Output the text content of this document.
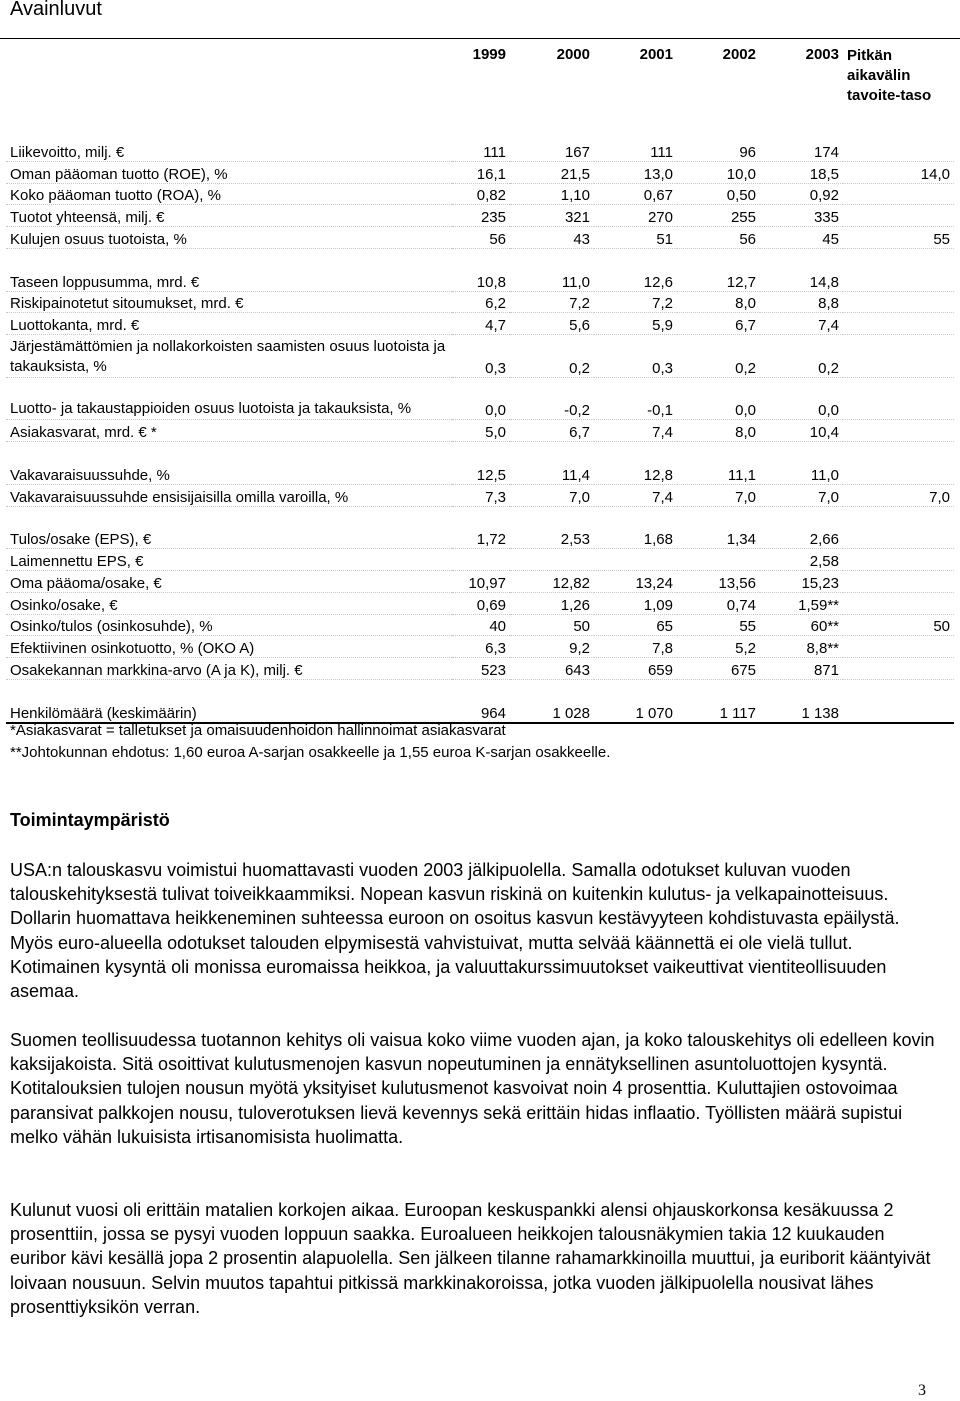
Avainluvut
	1999	2000	2001	2002	2003	Pitkän aikavälin tavoite-taso
Liikevoitto, milj. €	111	167	111	96	174	
Oman pääoman tuotto (ROE), %	16,1	21,5	13,0	10,0	18,5	14,0
Koko pääoman tuotto (ROA), %	0,82	1,10	0,67	0,50	0,92	
Tuotot yhteensä, milj. €	235	321	270	255	335	
Kulujen osuus tuotoista, %	56	43	51	56	45	55

Taseen loppusumma, mrd. €	10,8	11,0	12,6	12,7	14,8	
Riskipainotetut sitoumukset, mrd. €	6,2	7,2	7,2	8,0	8,8	
Luottokanta, mrd. €	4,7	5,6	5,9	6,7	7,4	
Järjestämättömien ja nollakorkoisten saamisten osuus luotoista ja takauksista, %	0,3	0,2	0,3	0,2	0,2	
Luotto- ja takaustappioiden osuus luotoista ja takauksista, %	0,0	-0,2	-0,1	0,0	0,0	
Asiakasvarat, mrd. € *	5,0	6,7	7,4	8,0	10,4	

Vakavaraisuussuhde, %	12,5	11,4	12,8	11,1	11,0	
Vakavaraisuussuhde ensisijaisilla omilla varoilla, %	7,3	7,0	7,4	7,0	7,0	7,0

Tulos/osake (EPS), €	1,72	2,53	1,68	1,34	2,66	
Laimennettu EPS, €					2,58	
Oma pääoma/osake, €	10,97	12,82	13,24	13,56	15,23	
Osinko/osake, €	0,69	1,26	1,09	0,74	1,59**	
Osinko/tulos (osinkosuhde), %	40	50	65	55	60**	50
Efektiivinen osinkotuotto, % (OKO A)	6,3	9,2	7,8	5,2	8,8**	
Osakekannan markkina-arvo (A ja K), milj. €	523	643	659	675	871	

Henkilömäärä (keskimäärin)	964	1 028	1 070	1 117	1 138	
*Asiakasvarat = talletukset ja omaisuudenhoidon hallinnoimat asiakasvarat
**Johtokunnan ehdotus: 1,60 euroa A-sarjan osakkeelle ja 1,55 euroa K-sarjan osakkeelle.
Toimintaympäristö
USA:n talouskasvu voimistui huomattavasti vuoden 2003 jälkipuolella. Samalla odotukset kuluvan vuoden talouskehityksestä tulivat toiveikkaammiksi. Nopean kasvun riskinä on kuitenkin kulutus- ja velkapainotteisuus. Dollarin huomattava heikkeneminen suhteessa euroon on osoitus kasvun kestävyyteen kohdistuvasta epäilystä. Myös euro-alueella odotukset talouden elpymisestä vahvistuivat, mutta selvää käännettä ei ole vielä tullut. Kotimainen kysyntä oli monissa euromaissa heikkoa, ja valuuttakurssimuutokset vaikeuttivat vientiteollisuuden asemaa.
Suomen teollisuudessa tuotannon kehitys oli vaisua koko viime vuoden ajan, ja koko talouskehitys oli edelleen kovin kaksijakoista. Sitä osoittivat kulutusmenojen kasvun nopeutuminen ja ennätyksellinen asuntoluottojen kysyntä. Kotitalouksien tulojen nousun myötä yksityiset kulutusmenot kasvoivat noin 4 prosenttia. Kuluttajien ostovoimaa paransivat palkkojen nousu, tuloverotuksen lievä kevennys sekä erittäin hidas inflaatio. Työllisten määrä supistui melko vähän lukuisista irtisanomisista huolimatta.
Kulunut vuosi oli erittäin matalien korkojen aikaa. Euroopan keskuspankki alensi ohjauskorkonsa kesäkuussa 2 prosenttiin, jossa se pysyi vuoden loppuun saakka. Euroalueen heikkojen talousnäkymien takia 12 kuukauden euribor kävi kesällä jopa 2 prosentin alapuolella. Sen jälkeen tilanne rahamarkkinoilla muuttui, ja euriborit kääntyivät loivaan nousuun. Selvin muutos tapahtui pitkissä markkinakoroissa, jotka vuoden jälkipuolella nousivat lähes prosenttiyksikön verran.
3
